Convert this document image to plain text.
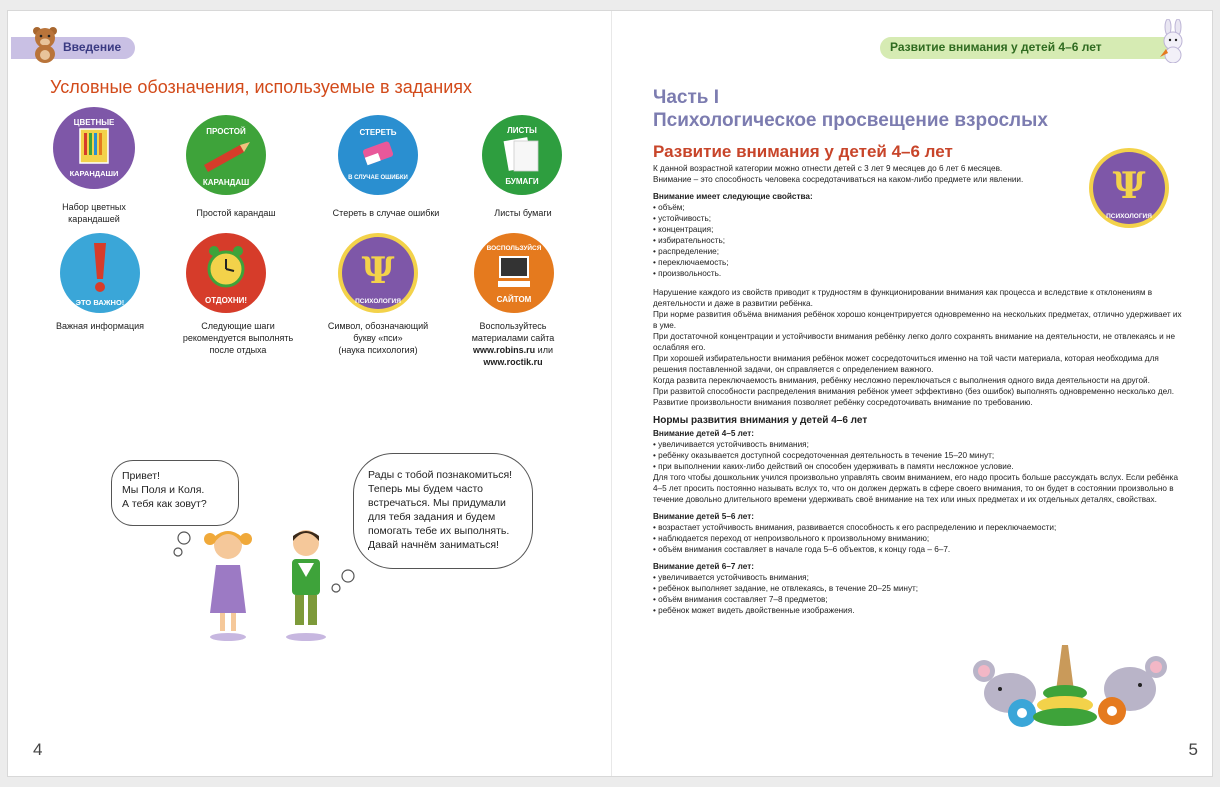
Введение
Условные обозначения, используемые в заданиях
ЦВЕТНЫЕ
КАРАНДАШИ
Набор цветных
карандашей
ПРОСТОЙ
КАРАНДАШ
Простой карандаш
СТЕРЕТЬ
В СЛУЧАЕ ОШИБКИ
Стереть в случае ошибки
ЛИСТЫ
БУМАГИ
Листы бумаги
ЭТО ВАЖНО!
Важная информация
ОТДОХНИ!
Следующие шаги
рекомендуется выполнять
после отдыха
Ψ
ПСИХОЛОГИЯ
Символ, обозначающий
букву «пси»
(наука психология)
ВОСПОЛЬЗУЙСЯ
САЙТОМ
Воспользуйтесь
материалами сайта
www.robins.ru или
www.roctik.ru
Привет!
Мы Поля и Коля.
А тебя как зовут?
Рады с тобой познакомиться!
Теперь мы будем часто
встречаться. Мы придумали
для тебя задания и будем
помогать тебе их выполнять.
Давай начнём заниматься!
4
Развитие внимания у детей 4–6 лет
Часть I
Психологическое просвещение взрослых
Развитие внимания у детей 4–6 лет
Ψ
ПСИХОЛОГИЯ

К данной возрастной категории можно отнести детей с 3 лет 9 месяцев до 6 лет 6 месяцев.

Внимание – это способность человека сосредотачиваться на каком-либо предмете или явлении.

Внимание имеет следующие свойства:

• объём;

• устойчивость;

• концентрация;

• избирательность;

• распределение;

• переключаемость;

• произвольность.

Нарушение каждого из свойств приводит к трудностям в функционировании внимания как процесса и вследствие к отклонениям в деятельности и даже в развитии ребёнка.

При норме развития объёма внимания ребёнок хорошо концентрируется одновременно на нескольких предметах, отлично удерживает их в уме.

При достаточной концентрации и устойчивости внимания ребёнку легко долго сохранять внимание на деятельности, не отвлекаясь и не ослабляя его.

При хорошей избирательности внимания ребёнок может сосредоточиться именно на той части материала, которая необходима для решения поставленной задачи, он справляется с определением важного.

Когда развита переключаемость внимания, ребёнку несложно переключаться с выполнения одного вида деятельности на другой.

При развитой способности распределения внимания ребёнок умеет эффективно (без ошибок) выполнять одновременно несколько дел.

Развитие произвольности внимания позволяет ребёнку сосредоточивать внимание по требованию.

Нормы развития внимания у детей 4–6 лет

Внимание детей 4–5 лет:

• увеличивается устойчивость внимания;

• ребёнку оказывается доступной сосредоточенная деятельность в течение 15–20 минут;

• при выполнении каких-либо действий он способен удерживать в памяти несложное условие.

Для того чтобы дошкольник учился произвольно управлять своим вниманием, его надо просить больше рассуждать вслух. Если ребёнка 4–5 лет просить постоянно называть вслух то, что он должен держать в сфере своего внимания, то он будет в состоянии произвольно в течение довольно длительного времени удерживать своё внимание на тех или иных предметах и их отдельных деталях, свойствах.

Внимание детей 5–6 лет:

• возрастает устойчивость внимания, развивается способность к его распределению и переключаемости;

• наблюдается переход от непроизвольного к произвольному вниманию;

• объём внимания составляет в начале года 5–6 объектов, к концу года – 6–7.

Внимание детей 6–7 лет:

• увеличивается устойчивость внимания;

• ребёнок выполняет задание, не отвлекаясь, в течение 20–25 минут;

• объём внимания составляет 7–8 предметов;

• ребёнок может видеть двойственные изображения.

5
